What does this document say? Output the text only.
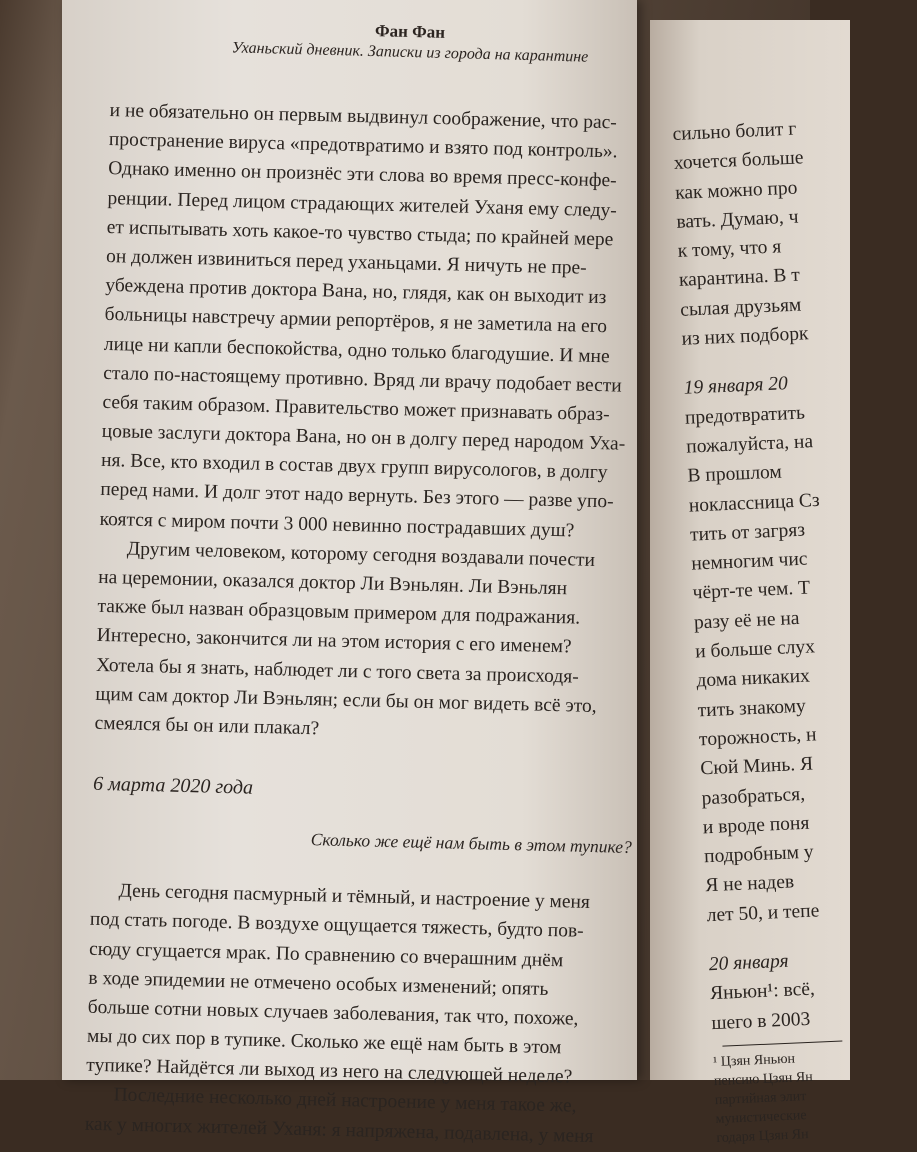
сильно болит г
хочется больше
как можно про
вать. Думаю, ч
к тому, что я
карантина. В т
сылая друзьям
из них подборк
19 января 20
предотвратить
пожалуйста, на
В прошлом
ноклассница Сз
тить от загряз
немногим чис
чёрт-те чем. Т
разу её не на
и больше слух
дома никаких
тить знакому
торожность, н
Сюй Минь. Я
разобраться,
и вроде поня
подробным у
Я не надев
лет 50, и тепе
20 января
Яньюн¹: всё,
шего в 2003
¹ Цзян Яньюн
пенсию Цзян Ян
партийная элит
мунистические
годаря Цзян Ян
Фан Фан
Уханьский дневник. Записки из города на карантине
и не обязательно он первым выдвинул соображение, что рас-
пространение вируса «предотвратимо и взято под контроль».
Однако именно он произнёс эти слова во время пресс-конфе-
ренции. Перед лицом страдающих жителей Уханя ему следу-
ет испытывать хоть какое-то чувство стыда; по крайней мере
он должен извиниться перед уханьцами. Я ничуть не пре-
убеждена против доктора Вана, но, глядя, как он выходит из
больницы навстречу армии репортёров, я не заметила на его
лице ни капли беспокойства, одно только благодушие. И мне
стало по-настоящему противно. Вряд ли врачу подобает вести
себя таким образом. Правительство может признавать образ-
цовые заслуги доктора Вана, но он в долгу перед народом Уха-
ня. Все, кто входил в состав двух групп вирусологов, в долгу
перед нами. И долг этот надо вернуть. Без этого — разве упо-
коятся с миром почти 3 000 невинно пострадавших душ?
Другим человеком, которому сегодня воздавали почести
на церемонии, оказался доктор Ли Вэньлян. Ли Вэньлян
также был назван образцовым примером для подражания.
Интересно, закончится ли на этом история с его именем?
Хотела бы я знать, наблюдет ли с того света за происходя-
щим сам доктор Ли Вэньлян; если бы он мог видеть всё это,
смеялся бы он или плакал?
6 марта 2020 года
Сколько же ещё нам быть в этом тупике?
День сегодня пасмурный и тёмный, и настроение у меня
под стать погоде. В воздухе ощущается тяжесть, будто пов-
сюду сгущается мрак. По сравнению со вчерашним днём
в ходе эпидемии не отмечено особых изменений; опять
больше сотни новых случаев заболевания, так что, похоже,
мы до сих пор в тупике. Сколько же ещё нам быть в этом
тупике? Найдётся ли выход из него на следующей неделе?
Последние несколько дней настроение у меня такое же,
как у многих жителей Уханя: я напряжена, подавлена, у меня
